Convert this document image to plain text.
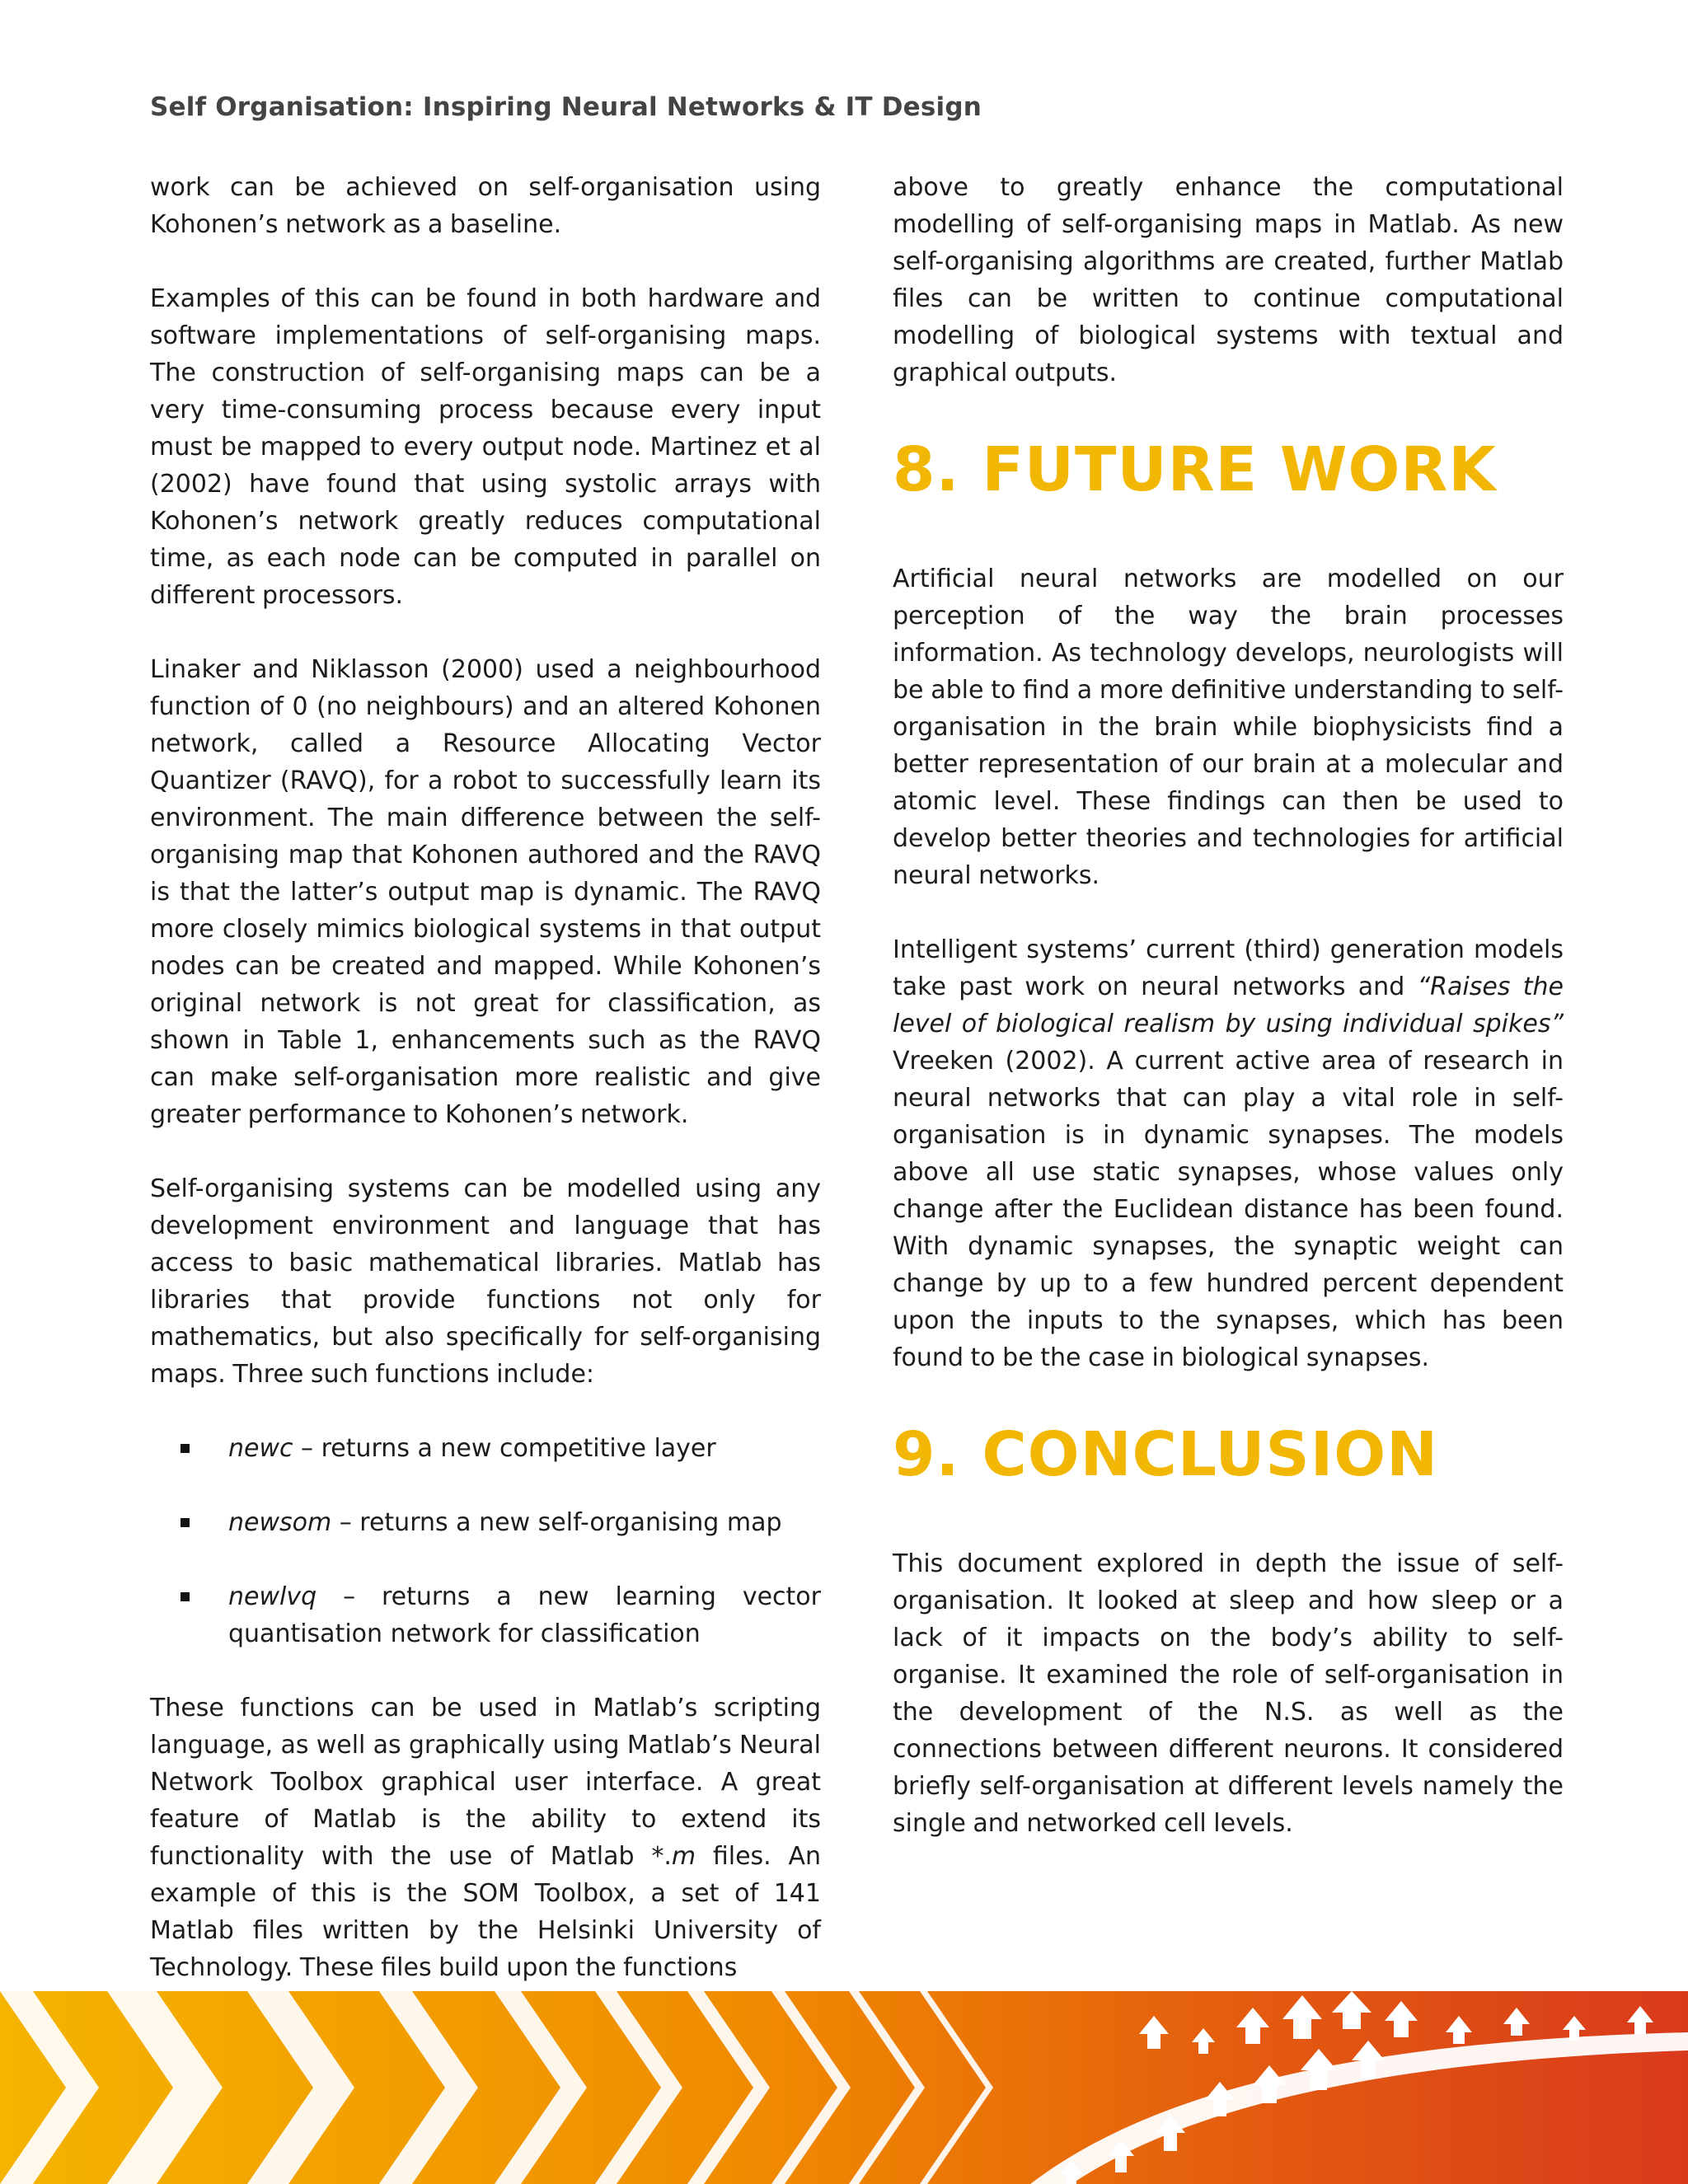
Self Organisation: Inspiring Neural Networks & IT Design

work can be achieved on self-organisation using Kohonen’s network as a baseline.

Examples of this can be found in both hardware and software implementations of self-organising maps. The construction of self-organising maps can be a very time-consuming process because every input must be mapped to every output node. Martinez et al (2002) have found that using systolic arrays with Kohonen’s network greatly reduces computational time, as each node can be computed in parallel on different processors.

Linaker and Niklasson (2000) used a neighbourhood function of 0 (no neighbours) and an altered Kohonen network, called a Resource Allocating Vector Quantizer (RAVQ), for a robot to successfully learn its environment. The main difference between the self-organising map that Kohonen authored and the RAVQ is that the latter’s output map is dynamic. The RAVQ more closely mimics biological systems in that output nodes can be created and mapped. While Kohonen’s original network is not great for classification, as shown in Table 1, enhancements such as the RAVQ can make self-organisation more realistic and give greater performance to Kohonen’s network.

Self-organising systems can be modelled using any development environment and language that has access to basic mathematical libraries. Matlab has libraries that provide functions not only for mathematics, but also specifically for self-organising maps. Three such functions include:

newc – returns a new competitive layer
newsom – returns a new self-organising map
newlvq – returns a new learning vector quantisation network for classification

These functions can be used in Matlab’s scripting language, as well as graphically using Matlab’s Neural Network Toolbox graphical user interface. A great feature of Matlab is the ability to extend its functionality with the use of Matlab *.m files. An example of this is the SOM Toolbox, a set of 141 Matlab files written by the Helsinki University of Technology. These files build upon the functions

above to greatly enhance the computational modelling of self-organising maps in Matlab. As new self-organising algorithms are created, further Matlab files can be written to continue computational modelling of biological systems with textual and graphical outputs.

8. FUTURE WORK

Artificial neural networks are modelled on our perception of the way the brain processes information. As technology develops, neurologists will be able to find a more definitive understanding to self-organisation in the brain while biophysicists find a better representation of our brain at a molecular and atomic level. These findings can then be used to develop better theories and technologies for artificial neural networks.

Intelligent systems’ current (third) generation models take past work on neural networks and “Raises the level of biological realism by using individual spikes” Vreeken (2002). A current active area of research in neural networks that can play a vital role in self-organisation is in dynamic synapses. The models above all use static synapses, whose values only change after the Euclidean distance has been found. With dynamic synapses, the synaptic weight can change by up to a few hundred percent dependent upon the inputs to the synapses, which has been found to be the case in biological synapses.

9. CONCLUSION

This document explored in depth the issue of self-organisation. It looked at sleep and how sleep or a lack of it impacts on the body’s ability to self-organise. It examined the role of self-organisation in the development of the N.S. as well as the connections between different neurons. It considered briefly self-organisation at different levels namely the single and networked cell levels.
